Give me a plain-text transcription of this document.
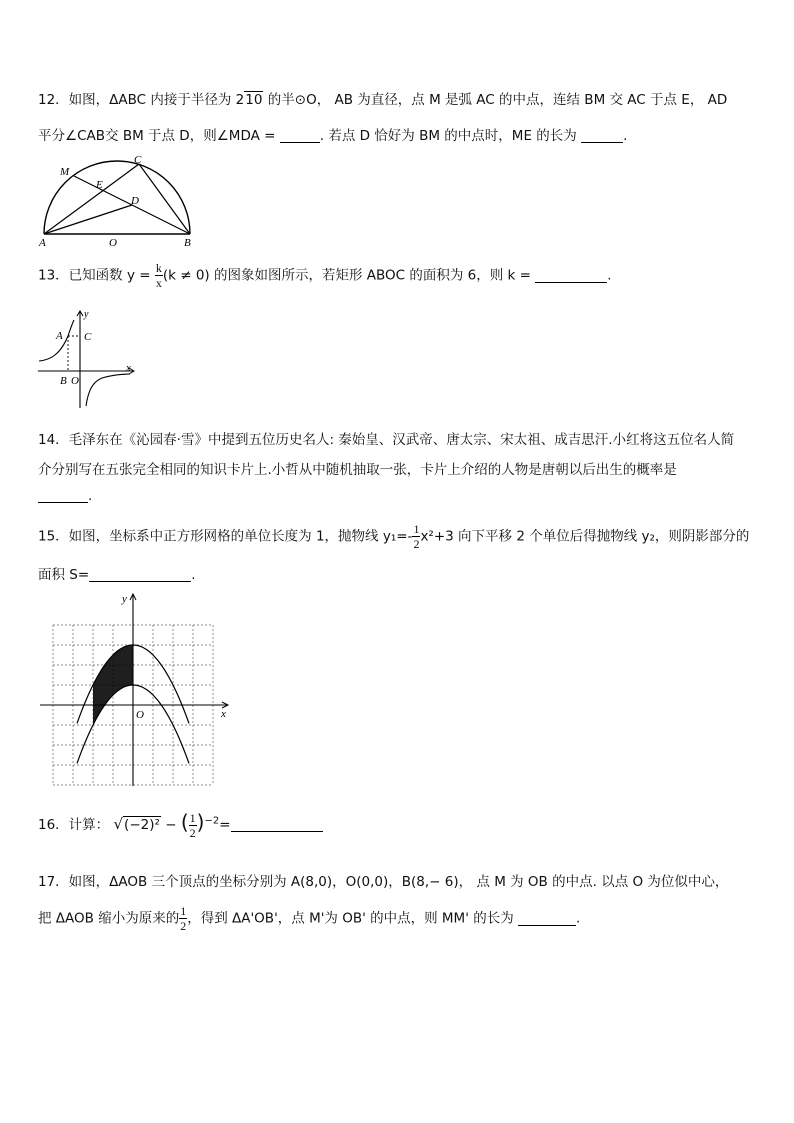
12．如图，ΔABC 内接于半径为 210 的半⊙O， AB 为直径，点 M 是弧 AC 的中点，连结 BM 交 AC 于点 E， AD
平分∠CAB交 BM 于点 D，则∠MDA =	. 若点 D 恰好为 BM 的中点时，ME 的长为	.
C
M
E
D
A	O	B
13．已知函数 $y = \frac{k}{x} (k \ne 0)$ 的图象如图所示，若矩形 ABOC 的面积为 6，则 k =	.
y
A C
B O
x
14．毛泽东在《沁园春·雪》中提到五位历史名人: 秦始皇、汉武帝、唐太宗、宋太祖、成吉思汗.小红将这五位名人简
介分别写在五张完全相同的知识卡片上.小哲从中随机抽取一张，卡片上介绍的人物是唐朝以后出生的概率是
.
15．如图，坐标系中正方形网格的单位长度为 1，抛物线 $y_1=- \frac{1}{2} x^2+3$ 向下平移 2 个单位后得抛物线 y₂，则阴影部分的
面积 S=	.
y
x
O
16．计算： √(−2)² − ( $\frac{1}{2} )^{-2}=$
17．如图，ΔAOB 三个顶点的坐标分别为 A(8,0)，O(0,0)，B(8,− 6)， 点 M 为 OB 的中点. 以点 O 为位似中心，
把 ΔAOB 缩小为原来的 $\frac{1}{2}$ ，得到 ΔA'OB'，点 M'为 OB' 的中点，则 MM' 的长为	.
